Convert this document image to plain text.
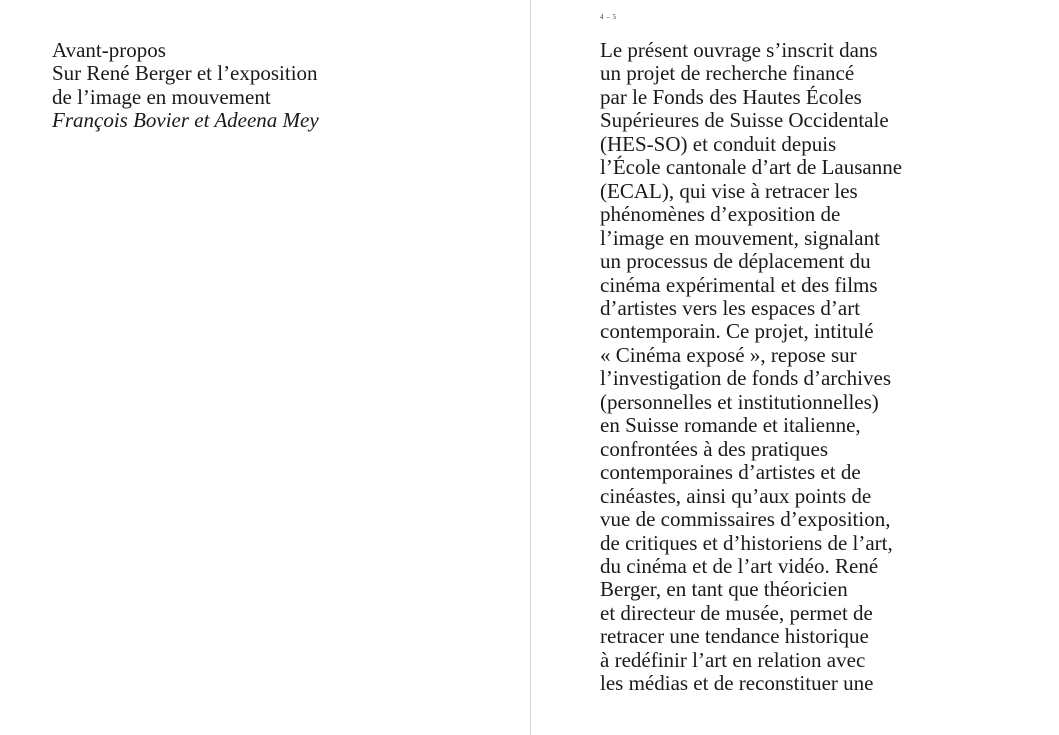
Avant-propos
Sur René Berger et l’exposition
de l’image en mouvement
François Bovier et Adeena Mey
4 – 5
Le présent ouvrage s’inscrit dans
un projet de recherche financé
par le Fonds des Hautes Écoles
Supérieures de Suisse Occidentale
(HES-SO) et conduit depuis
l’École cantonale d’art de Lausanne
(ECAL), qui vise à retracer les
phénomènes d’exposition de
l’image en mouvement, signalant
un processus de déplacement du
cinéma expérimental et des films
d’artistes vers les espaces d’art
contemporain. Ce projet, intitulé
« Cinéma exposé », repose sur
l’investigation de fonds d’archives
(personnelles et institutionnelles)
en Suisse romande et italienne,
confrontées à des pratiques
contemporaines d’artistes et de
cinéastes, ainsi qu’aux points de
vue de commissaires d’exposition,
de critiques et d’historiens de l’art,
du cinéma et de l’art vidéo. René
Berger, en tant que théoricien
et directeur de musée, permet de
retracer une tendance historique
à redéfinir l’art en relation avec
les médias et de reconstituer une
